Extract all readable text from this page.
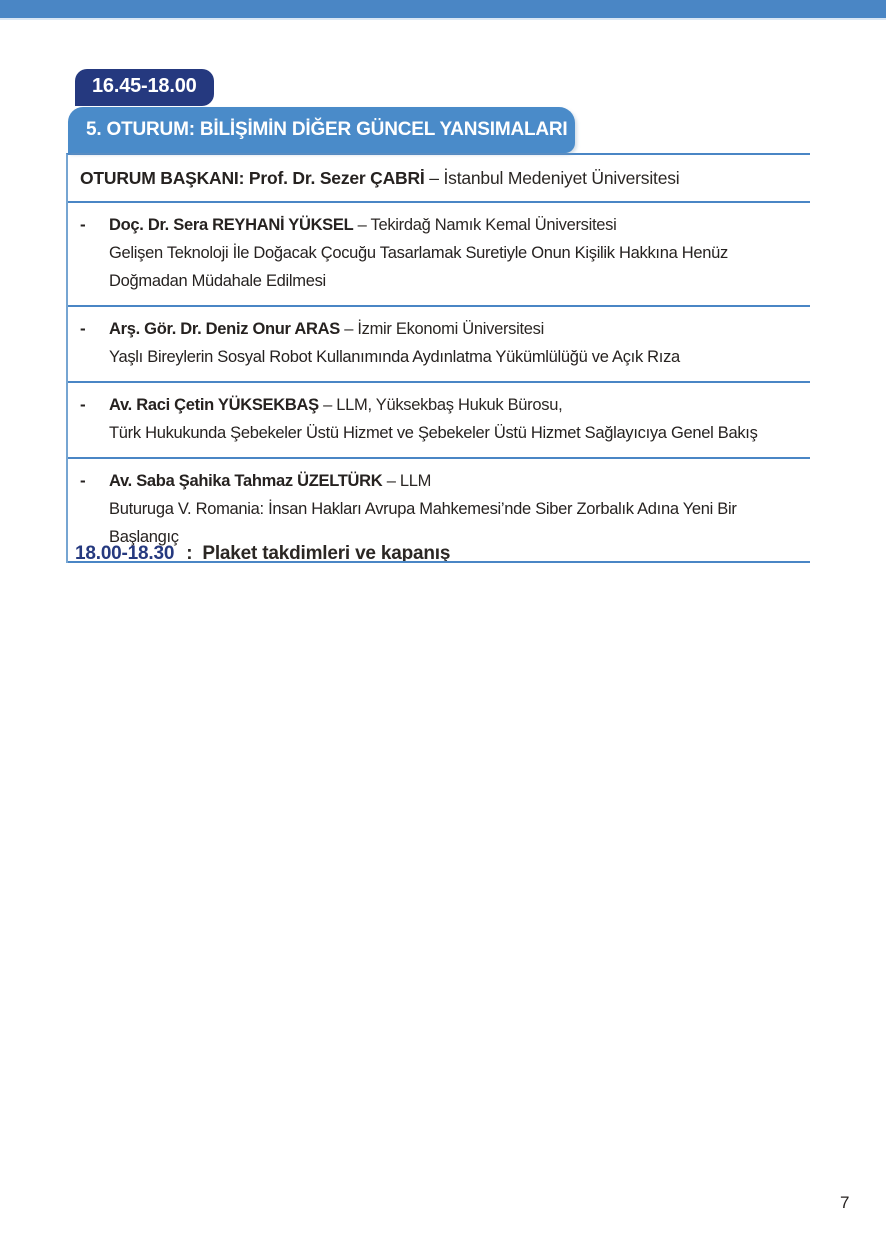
16.45-18.00
5. OTURUM: BİLİŞİMİN DİĞER GÜNCEL YANSIMALARI
OTURUM BAŞKANI: Prof. Dr. Sezer ÇABRİ – İstanbul Medeniyet Üniversitesi
-	Doç. Dr. Sera REYHANİ YÜKSEL – Tekirdağ Namık Kemal Üniversitesi
Gelişen Teknoloji İle Doğacak Çocuğu Tasarlamak Suretiyle Onun Kişilik Hakkına Henüz Doğmadan Müdahale Edilmesi
-	Arş. Gör. Dr. Deniz Onur ARAS – İzmir Ekonomi Üniversitesi
Yaşlı Bireylerin Sosyal Robot Kullanımında Aydınlatma Yükümlülüğü ve Açık Rıza
-	Av. Raci Çetin YÜKSEKBAŞ – LLM, Yüksekbaş Hukuk Bürosu,
Türk Hukukunda Şebekeler Üstü Hizmet ve Şebekeler Üstü Hizmet Sağlayıcıya Genel Bakış
-	Av. Saba Şahika Tahmaz ÜZELTÜRK – LLM
Buturuga V. Romania: İnsan Hakları Avrupa Mahkemesi’nde Siber Zorbalık Adına Yeni Bir Başlangıç
18.00-18.30 : Plaket takdimleri ve kapanış
7
